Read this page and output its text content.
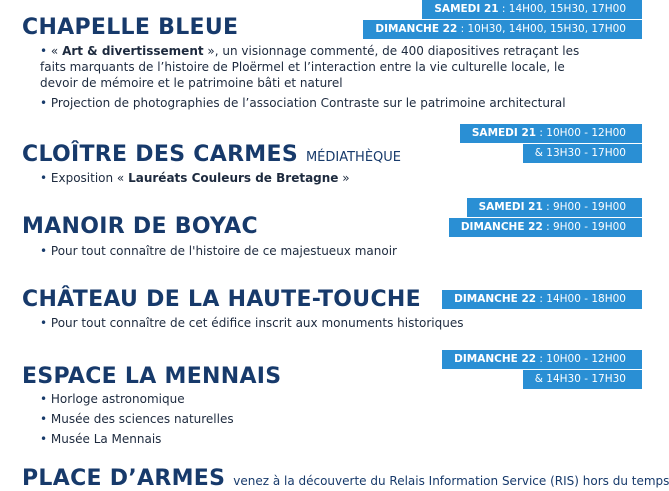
SAMEDI 21 : 14H00, 15H30, 17H00
DIMANCHE 22 : 10H30, 14H00, 15H30, 17H00
CHAPELLE BLEUE
• « Art & divertissement », un visionnage commenté, de 400 diapositives retraçant les faits marquants de l’histoire de Ploërmel et l’interaction entre la vie culturelle locale, le devoir de mémoire et le patrimoine bâti et naturel
• Projection de photographies de l’association Contraste sur le patrimoine architectural
SAMEDI 21 : 10H00 - 12H00
& 13H30 - 17H00
CLOÎTRE DES CARMES MÉDIATHÈQUE
• Exposition « Lauréats Couleurs de Bretagne »
SAMEDI 21 : 9H00 - 19H00
DIMANCHE 22 : 9H00 - 19H00
MANOIR DE BOYAC
• Pour tout connaître de l'histoire de ce majestueux manoir
DIMANCHE 22 : 14H00 - 18H00
CHÂTEAU DE LA HAUTE-TOUCHE
• Pour tout connaître de cet édifice inscrit aux monuments historiques
DIMANCHE 22 : 10H00 - 12H00
& 14H30 - 17H30
ESPACE LA MENNAIS
• Horloge astronomique
• Musée des sciences naturelles
• Musée La Mennais
PLACE D’ARMES venez à la découverte du Relais Information Service (RIS) hors du temps
